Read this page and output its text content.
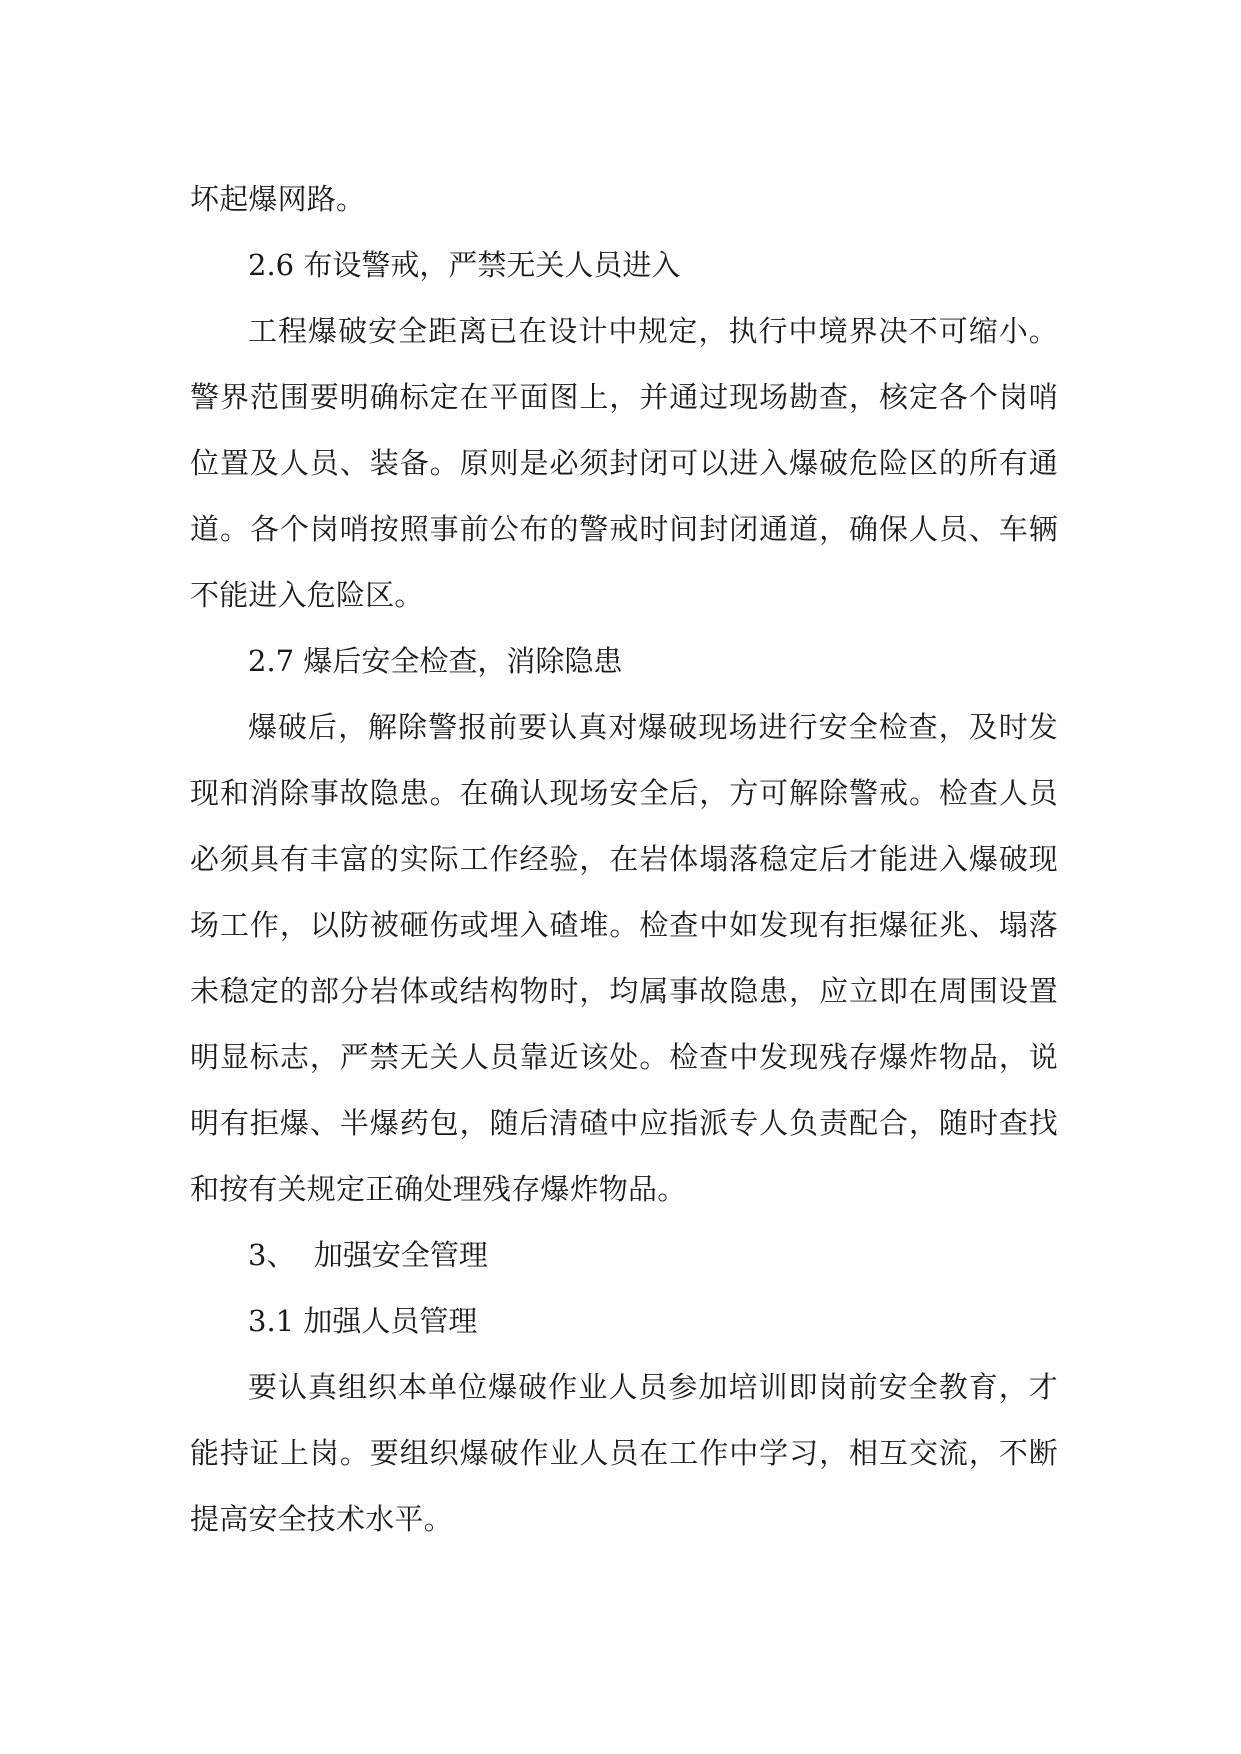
坏起爆网路。

2.6 布设警戒，严禁无关人员进入

工程爆破安全距离已在设计中规定，执行中境界决不可缩小。警界范围要明确标定在平面图上，并通过现场勘查，核定各个岗哨位置及人员、装备。原则是必须封闭可以进入爆破危险区的所有通道。各个岗哨按照事前公布的警戒时间封闭通道，确保人员、车辆不能进入危险区。

2.7 爆后安全检查，消除隐患

爆破后，解除警报前要认真对爆破现场进行安全检查，及时发现和消除事故隐患。在确认现场安全后，方可解除警戒。检查人员必须具有丰富的实际工作经验，在岩体塌落稳定后才能进入爆破现场工作，以防被砸伤或埋入碴堆。检查中如发现有拒爆征兆、塌落未稳定的部分岩体或结构物时，均属事故隐患，应立即在周围设置明显标志，严禁无关人员靠近该处。检查中发现残存爆炸物品，说明有拒爆、半爆药包，随后清碴中应指派专人负责配合，随时查找和按有关规定正确处理残存爆炸物品。

3、  加强安全管理

3.1 加强人员管理

要认真组织本单位爆破作业人员参加培训即岗前安全教育，才能持证上岗。要组织爆破作业人员在工作中学习，相互交流，不断提高安全技术水平。
